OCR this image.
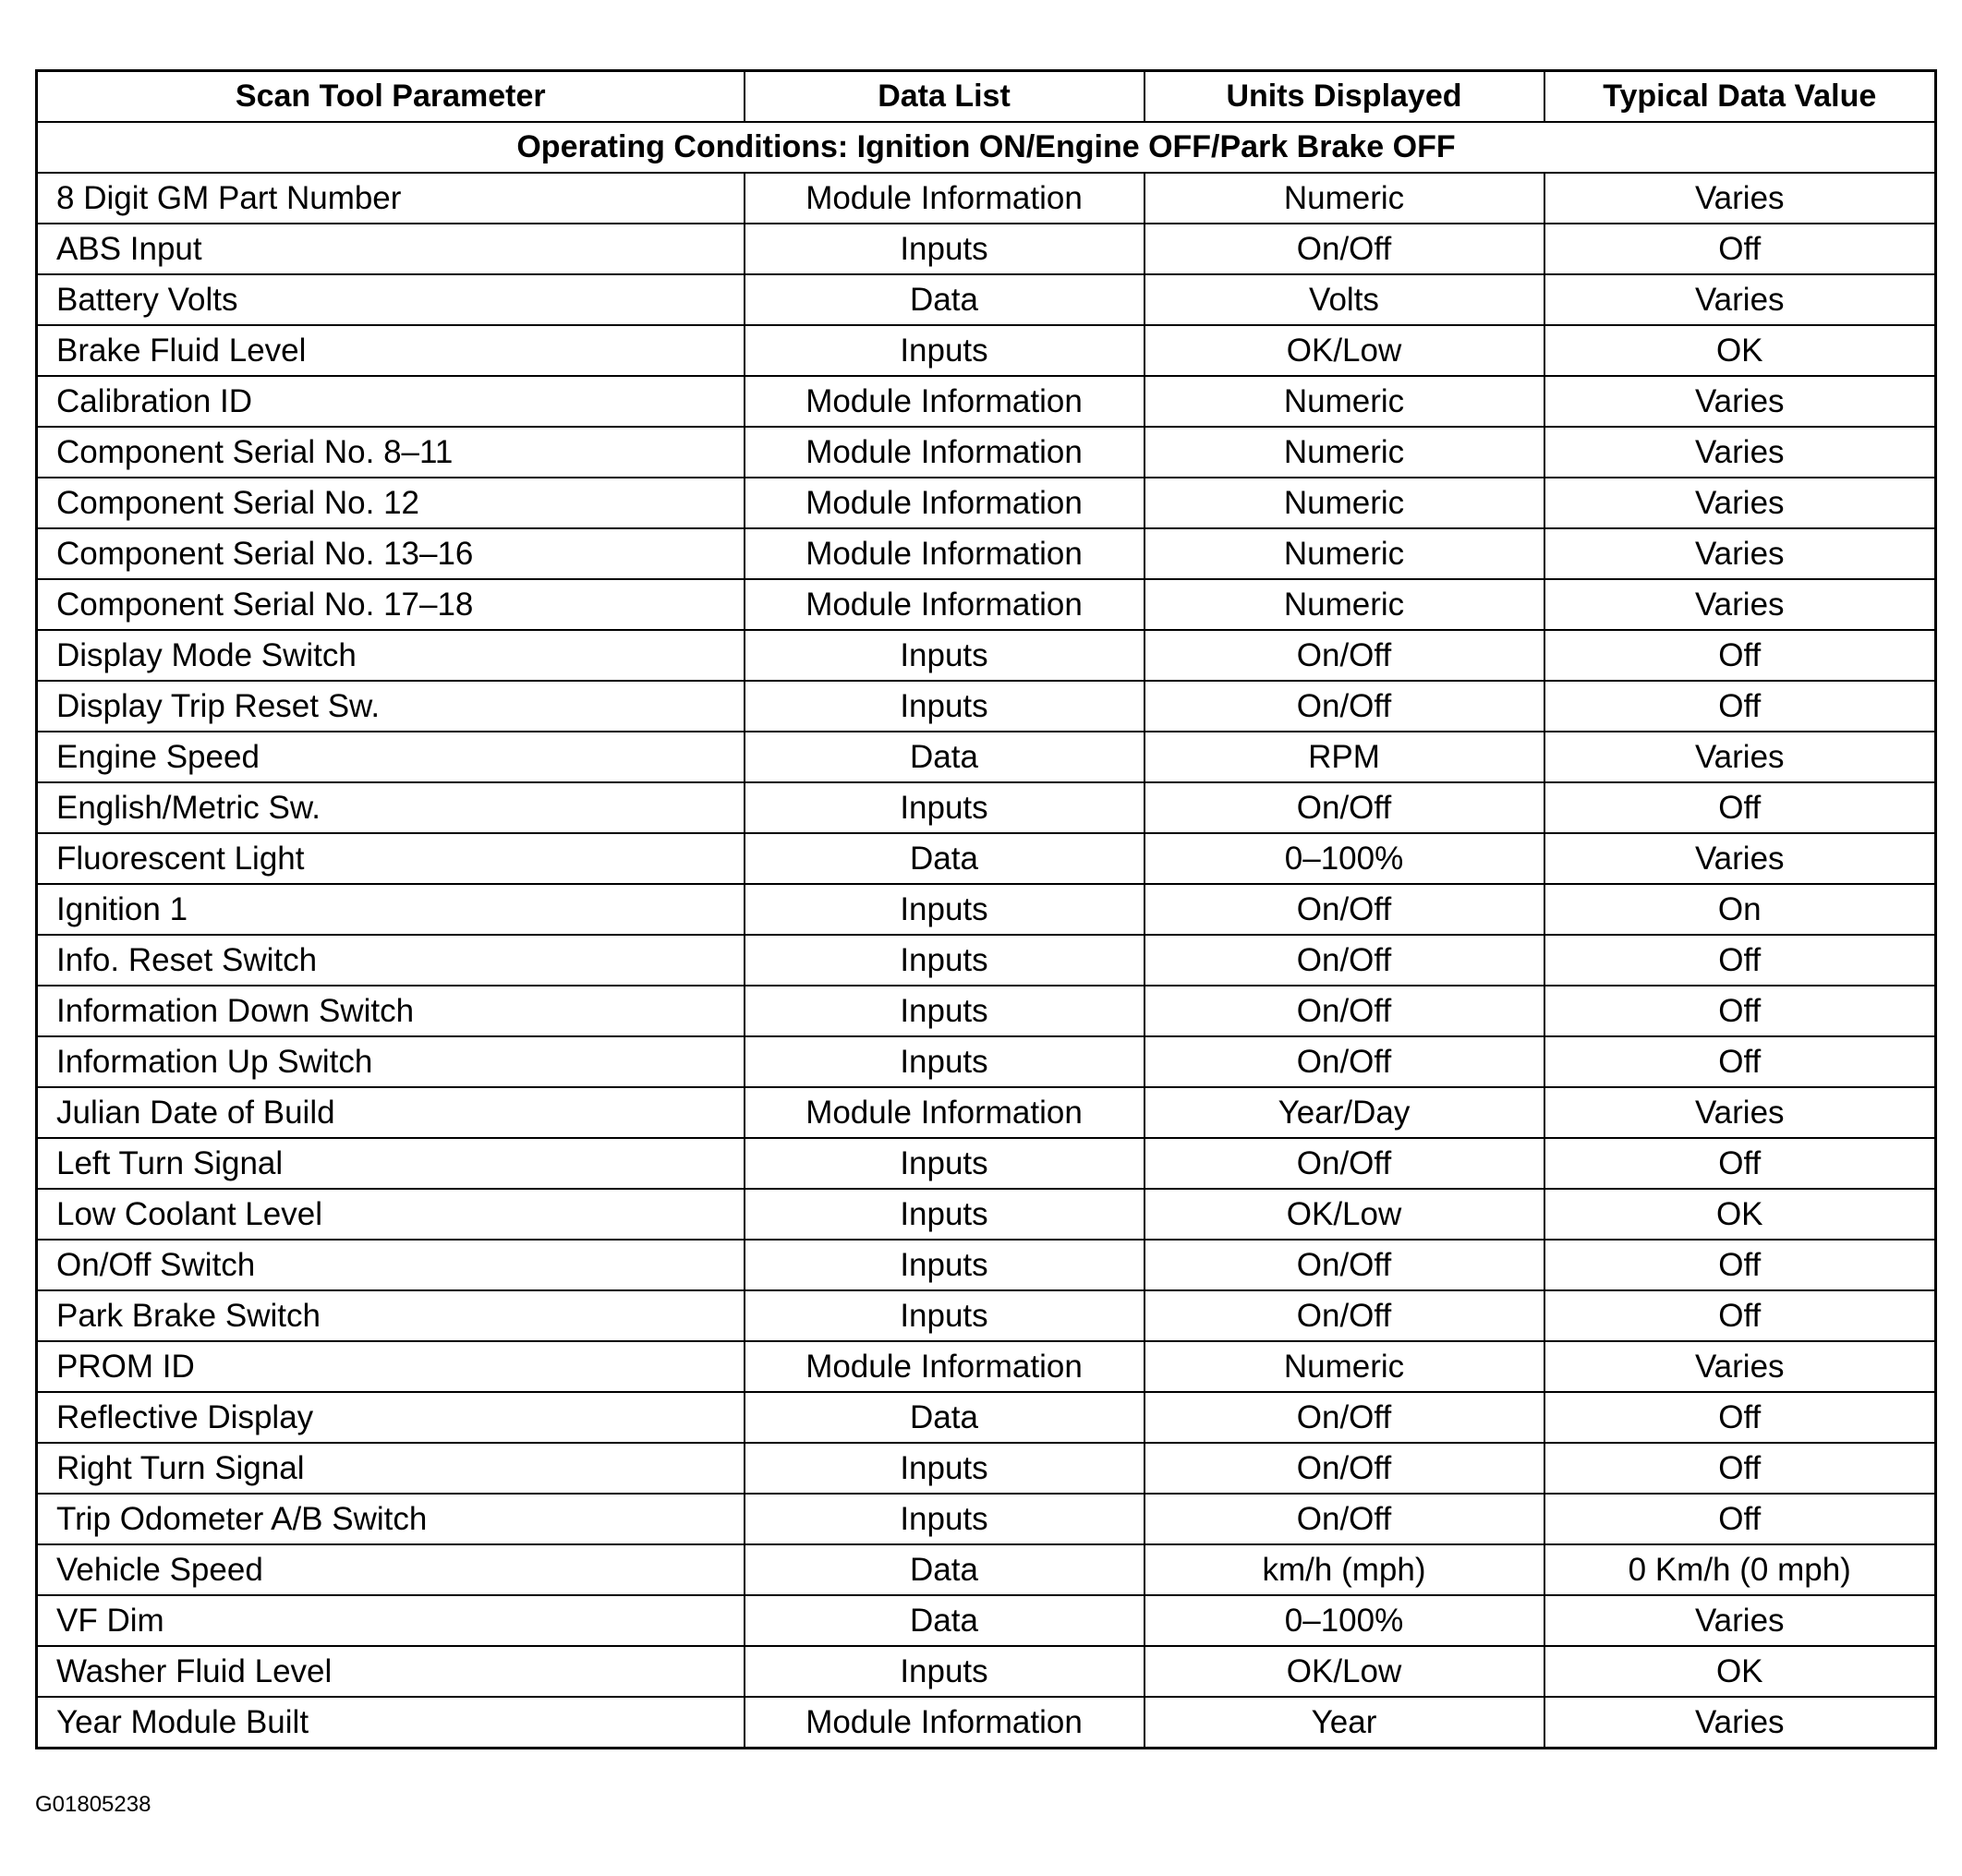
Scan Tool Parameter	Data List	Units Displayed	Typical Data Value
Operating Conditions: Ignition ON/Engine OFF/Park Brake OFF			
8 Digit GM Part Number	Module Information	Numeric	Varies
ABS Input	Inputs	On/Off	Off
Battery Volts	Data	Volts	Varies
Brake Fluid Level	Inputs	OK/Low	OK
Calibration ID	Module Information	Numeric	Varies
Component Serial No. 8–11	Module Information	Numeric	Varies
Component Serial No. 12	Module Information	Numeric	Varies
Component Serial No. 13–16	Module Information	Numeric	Varies
Component Serial No. 17–18	Module Information	Numeric	Varies
Display Mode Switch	Inputs	On/Off	Off
Display Trip Reset Sw.	Inputs	On/Off	Off
Engine Speed	Data	RPM	Varies
English/Metric Sw.	Inputs	On/Off	Off
Fluorescent Light	Data	0–100%	Varies
Ignition 1	Inputs	On/Off	On
Info. Reset Switch	Inputs	On/Off	Off
Information Down Switch	Inputs	On/Off	Off
Information Up Switch	Inputs	On/Off	Off
Julian Date of Build	Module Information	Year/Day	Varies
Left Turn Signal	Inputs	On/Off	Off
Low Coolant Level	Inputs	OK/Low	OK
On/Off Switch	Inputs	On/Off	Off
Park Brake Switch	Inputs	On/Off	Off
PROM ID	Module Information	Numeric	Varies
Reflective Display	Data	On/Off	Off
Right Turn Signal	Inputs	On/Off	Off
Trip Odometer A/B Switch	Inputs	On/Off	Off
Vehicle Speed	Data	km/h (mph)	0 Km/h (0 mph)
VF Dim	Data	0–100%	Varies
Washer Fluid Level	Inputs	OK/Low	OK
Year Module Built	Module Information	Year	Varies
G01805238
